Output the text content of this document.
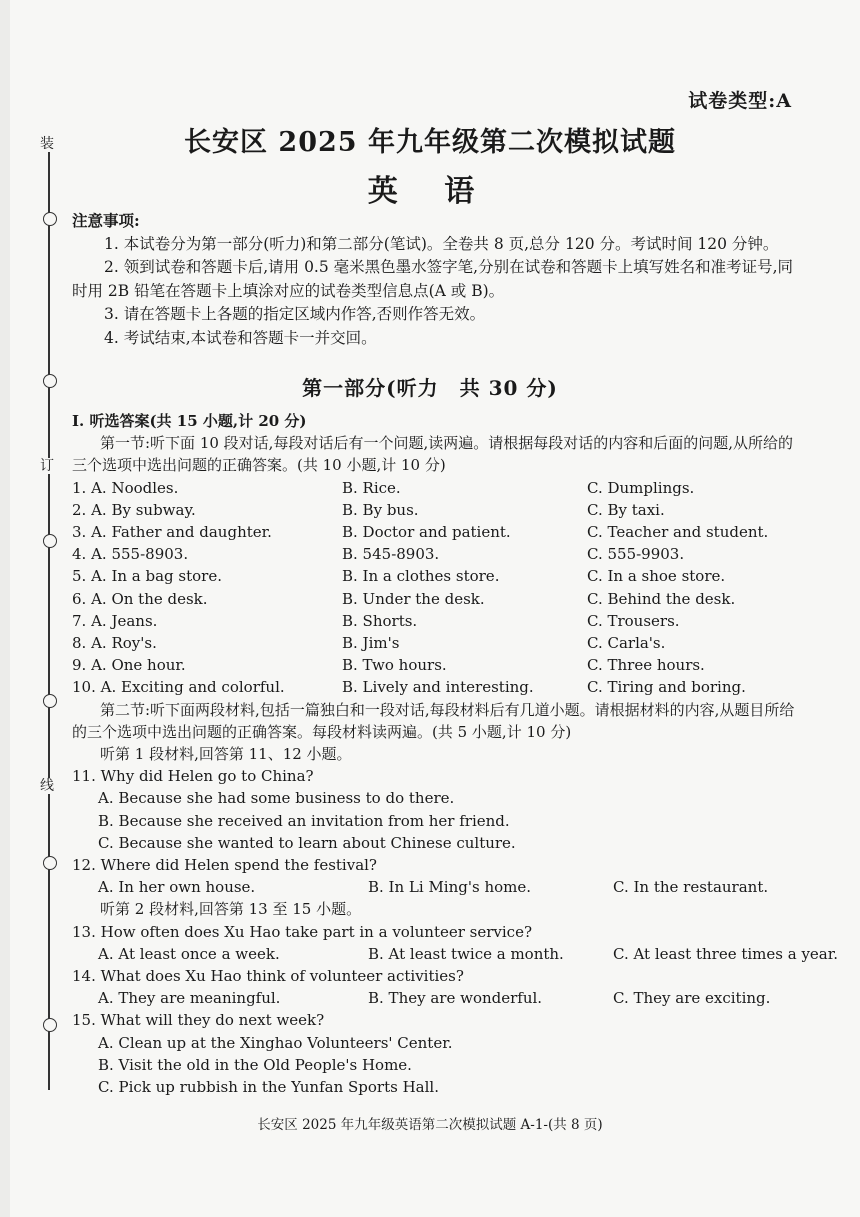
装
订
线
试卷类型:A
长安区 2025 年九年级第二次模拟试题
英 语
注意事项:

1. 本试卷分为第一部分(听力)和第二部分(笔试)。全卷共 8 页,总分 120 分。考试时间 120 分钟。

2. 领到试卷和答题卡后,请用 0.5 毫米黑色墨水签字笔,分别在试卷和答题卡上填写姓名和准考证号,同时用 2B 铅笔在答题卡上填涂对应的试卷类型信息点(A 或 B)。

3. 请在答题卡上各题的指定区域内作答,否则作答无效。

4. 考试结束,本试卷和答题卡一并交回。

第一部分(听力　共 30 分)
Ⅰ. 听选答案(共 15 小题,计 20 分)

第一节:听下面 10 段对话,每段对话后有一个问题,读两遍。请根据每段对话的内容和后面的问题,从所给的三个选项中选出问题的正确答案。(共 10 小题,计 10 分)

1. A. Noodles.	B. Rice.	C. Dumplings.
2. A. By subway.	B. By bus.	C. By taxi.
3. A. Father and daughter.	B. Doctor and patient.	C. Teacher and student.
4. A. 555-8903.	B. 545-8903.	C. 555-9903.
5. A. In a bag store.	B. In a clothes store.	C. In a shoe store.
6. A. On the desk.	B. Under the desk.	C. Behind the desk.
7. A. Jeans.	B. Shorts.	C. Trousers.
8. A. Roy's.	B. Jim's	C. Carla's.
9. A. One hour.	B. Two hours.	C. Three hours.
10. A. Exciting and colorful.	B. Lively and interesting.	C. Tiring and boring.

第二节:听下面两段材料,包括一篇独白和一段对话,每段材料后有几道小题。请根据材料的内容,从题目所给的三个选项中选出问题的正确答案。每段材料读两遍。(共 5 小题,计 10 分)

听第 1 段材料,回答第 11、12 小题。
11. Why did Helen go to China?
A. Because she had some business to do there.
B. Because she received an invitation from her friend.
C. Because she wanted to learn about Chinese culture.
12. Where did Helen spend the festival?
A. In her own house.	B. In Li Ming's home.	C. In the restaurant.
听第 2 段材料,回答第 13 至 15 小题。
13. How often does Xu Hao take part in a volunteer service?
A. At least once a week.	B. At least twice a month.	C. At least three times a year.
14. What does Xu Hao think of volunteer activities?
A. They are meaningful.	B. They are wonderful.	C. They are exciting.
15. What will they do next week?
A. Clean up at the Xinghao Volunteers' Center.
B. Visit the old in the Old People's Home.
C. Pick up rubbish in the Yunfan Sports Hall.
长安区 2025 年九年级英语第二次模拟试题 A-1-(共 8 页)
